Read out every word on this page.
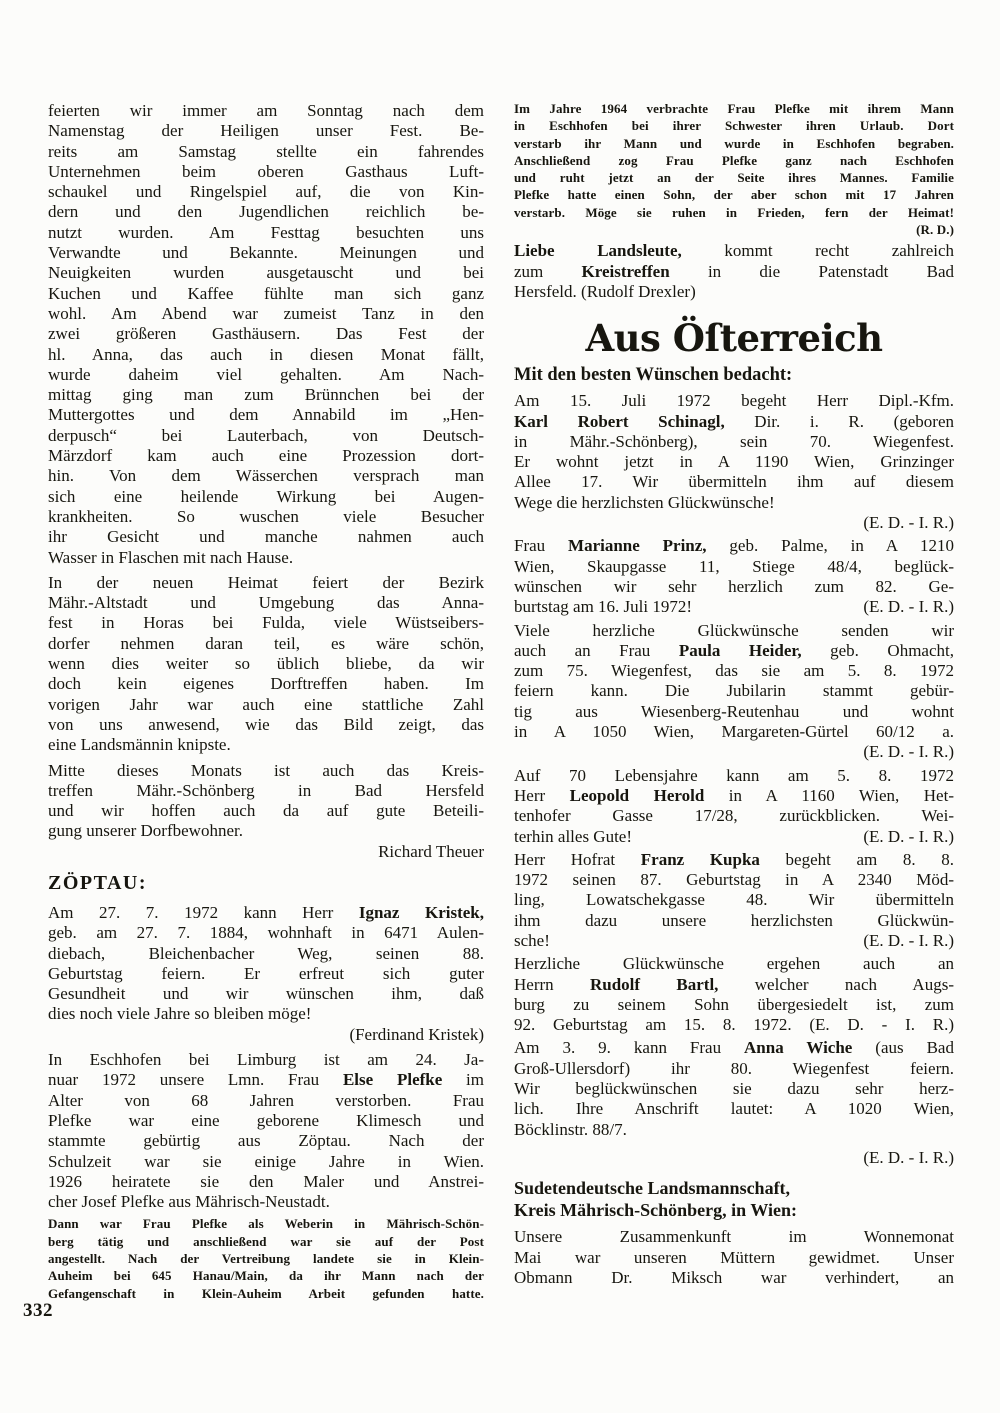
feierten wir immer am Sonntag nach dem
Namenstag der Heiligen unser Fest. Be-
reits am Samstag stellte ein fahrendes
Unternehmen beim oberen Gasthaus Luft-
schaukel und Ringelspiel auf, die von Kin-
dern und den Jugendlichen reichlich be-
nutzt wurden. Am Festtag besuchten uns
Verwandte und Bekannte. Meinungen und
Neuigkeiten wurden ausgetauscht und bei
Kuchen und Kaffee fühlte man sich ganz
wohl. Am Abend war zumeist Tanz in den
zwei größeren Gasthäusern. Das Fest der
hl. Anna, das auch in diesen Monat fällt,
wurde daheim viel gehalten. Am Nach-
mittag ging man zum Brünnchen bei der
Muttergottes und dem Annabild im „Hen-
derpusch“ bei Lauterbach, von Deutsch-
Märzdorf kam auch eine Prozession dort-
hin. Von dem Wässerchen versprach man
sich eine heilende Wirkung bei Augen-
krankheiten. So wuschen viele Besucher
ihr Gesicht und manche nahmen auch
Wasser in Flaschen mit nach Hause.
In der neuen Heimat feiert der Bezirk
Mähr.-Altstadt und Umgebung das Anna-
fest in Horas bei Fulda, viele Wüstseibers-
dorfer nehmen daran teil, es wäre schön,
wenn dies weiter so üblich bliebe, da wir
doch kein eigenes Dorftreffen haben. Im
vorigen Jahr war auch eine stattliche Zahl
von uns anwesend, wie das Bild zeigt, das
eine Landsmännin knipste.
Mitte dieses Monats ist auch das Kreis-
treffen Mähr.-Schönberg in Bad Hersfeld
und wir hoffen auch da auf gute Beteili-
gung unserer Dorfbewohner.
Richard Theuer
ZÖPTAU:
Am 27. 7. 1972 kann Herr Ignaz Kristek,
geb. am 27. 7. 1884, wohnhaft in 6471 Aulen-
diebach, Bleichenbacher Weg, seinen 88.
Geburtstag feiern. Er erfreut sich guter
Gesundheit und wir wünschen ihm, daß
dies noch viele Jahre so bleiben möge!
(Ferdinand Kristek)
In Eschhofen bei Limburg ist am 24. Ja-
nuar 1972 unsere Lmn. Frau Else Plefke im
Alter von 68 Jahren verstorben. Frau
Plefke war eine geborene Klimesch und
stammte gebürtig aus Zöptau. Nach der
Schulzeit war sie einige Jahre in Wien.
1926 heiratete sie den Maler und Anstrei-
cher Josef Plefke aus Mährisch-Neustadt.
Dann war Frau Plefke als Weberin in Mährisch-Schön-
berg tätig und anschließend war sie auf der Post
angestellt. Nach der Vertreibung landete sie in Klein-
Auheim bei 645 Hanau/Main, da ihr Mann nach der
Gefangenschaft in Klein-Auheim Arbeit gefunden hatte.
Im Jahre 1964 verbrachte Frau Plefke mit ihrem Mann
in Eschhofen bei ihrer Schwester ihren Urlaub. Dort
verstarb ihr Mann und wurde in Eschhofen begraben.
Anschließend zog Frau Plefke ganz nach Eschhofen
und ruht jetzt an der Seite ihres Mannes. Familie
Plefke hatte einen Sohn, der aber schon mit 17 Jahren
verstarb. Möge sie ruhen in Frieden, fern der Heimat!
(R. D.)
Liebe Landsleute, kommt recht zahlreich
zum Kreistreffen in die Patenstadt Bad
Hersfeld. (Rudolf Drexler)
Aus Öſterreich
Mit den besten Wünschen bedacht:
Am 15. Juli 1972 begeht Herr Dipl.-Kfm.
Karl Robert Schinagl, Dir. i. R. (geboren
in Mähr.-Schönberg), sein 70. Wiegenfest.
Er wohnt jetzt in A 1190 Wien, Grinzinger
Allee 17. Wir übermitteln ihm auf diesem
Wege die herzlichsten Glückwünsche!
(E. D. - I. R.)
Frau Marianne Prinz, geb. Palme, in A 1210
Wien, Skaupgasse 11, Stiege 48/4, beglück-
wünschen wir sehr herzlich zum 82. Ge-
burtstag am 16. Juli 1972!	(E. D. - I. R.)
Viele herzliche Glückwünsche senden wir
auch an Frau Paula Heider, geb. Ohmacht,
zum 75. Wiegenfest, das sie am 5. 8. 1972
feiern kann. Die Jubilarin stammt gebür-
tig aus Wiesenberg-Reutenhau und wohnt
in A 1050 Wien, Margareten-Gürtel 60/12 a.
(E. D. - I. R.)
Auf 70 Lebensjahre kann am 5. 8. 1972
Herr Leopold Herold in A 1160 Wien, Het-
tenhofer Gasse 17/28, zurückblicken. Wei-
terhin alles Gute!	(E. D. - I. R.)
Herr Hofrat Franz Kupka begeht am 8. 8.
1972 seinen 87. Geburtstag in A 2340 Möd-
ling, Lowatschekgasse 48. Wir übermitteln
ihm dazu unsere herzlichsten Glückwün-
sche!	(E. D. - I. R.)
Herzliche Glückwünsche ergehen auch an
Herrn Rudolf Bartl, welcher nach Augs-
burg zu seinem Sohn übergesiedelt ist, zum
92. Geburtstag am 15. 8. 1972. (E. D. - I. R.)
Am 3. 9. kann Frau Anna Wiche (aus Bad
Groß-Ullersdorf) ihr 80. Wiegenfest feiern.
Wir beglückwünschen sie dazu sehr herz-
lich. Ihre Anschrift lautet: A 1020 Wien,
Böcklinstr. 88/7.
(E. D. - I. R.)
Sudetendeutsche Landsmannschaft,
Kreis Mährisch-Schönberg, in Wien:
Unsere Zusammenkunft im Wonnemonat
Mai war unseren Müttern gewidmet. Unser
Obmann Dr. Miksch war verhindert, an
332
